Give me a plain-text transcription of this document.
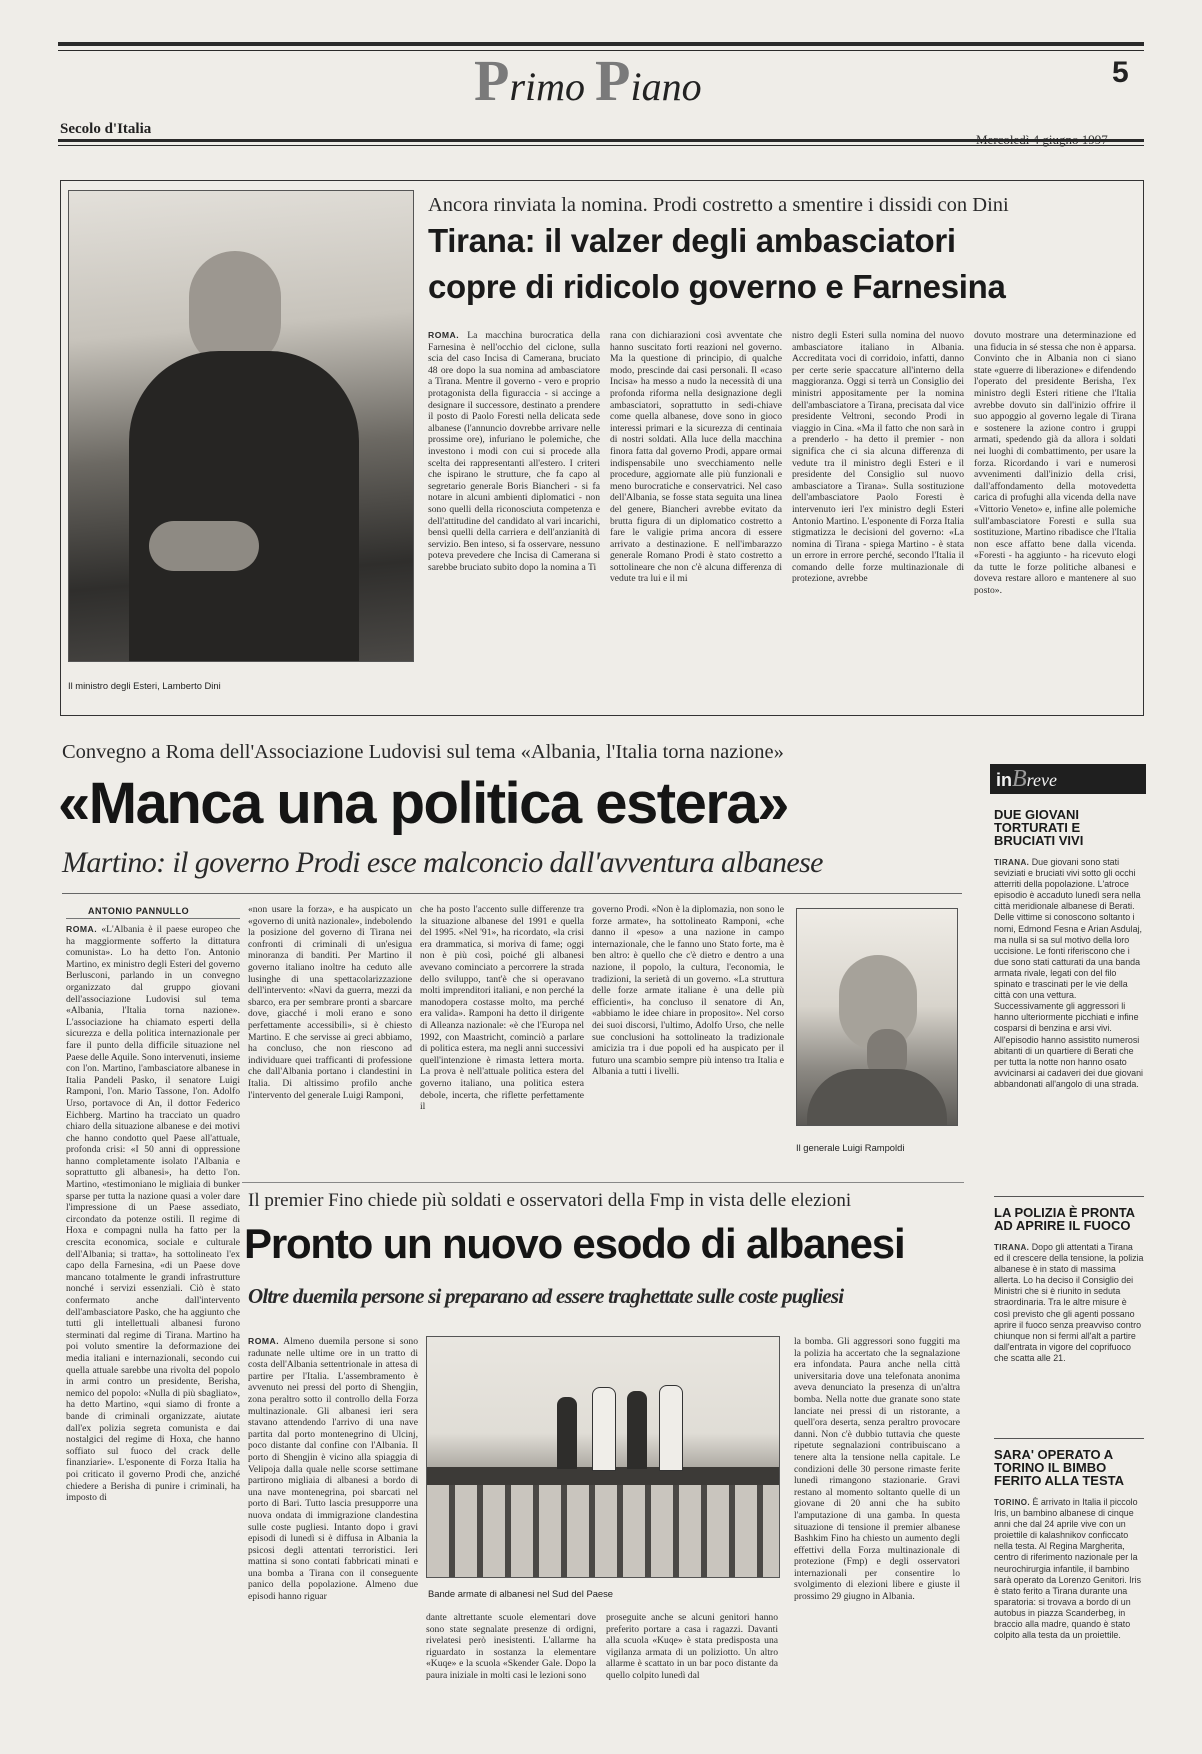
Primo Piano	5
Secolo d'Italia
Il ministro degli Esteri, Lamberto Dini
Ancora rinviata la nomina. Prodi costretto a smentire i dissidi con Dini
Tirana: il valzer degli ambasciatori
copre di ridicolo governo e Farnesina
ROMA. La macchina burocratica della Farnesina è nell'occhio del ciclone, sulla scia del caso Incisa di Camerana, bruciato 48 ore dopo la sua nomina ad ambasciatore a Tirana. Mentre il governo - vero e proprio protagonista della figuraccia - si accinge a designare il successore, destinato a prendere il posto di Paolo Foresti nella delicata sede albanese (l'annuncio dovrebbe arrivare nelle prossime ore), infuriano le polemiche, che investono i modi con cui si procede alla scelta dei rappresentanti all'estero. I criteri che ispirano le strutture, che fa capo al segretario generale Boris Biancheri - si fa notare in alcuni ambienti diplomatici - non sono quelli della riconosciuta competenza e dell'attitudine del candidato al vari incarichi, bensì quelli della carriera e dell'anzianità di servizio. Ben inteso, si fa osservare, nessuno poteva prevedere che Incisa di Camerana si sarebbe bruciato subito dopo la nomina a Ti
rana con dichiarazioni così avventate che hanno suscitato forti reazioni nel governo. Ma la questione di principio, di qualche modo, prescinde dai casi personali. Il «caso Incisa» ha messo a nudo la necessità di una profonda riforma nella designazione degli ambasciatori, soprattutto in sedi-chiave come quella albanese, dove sono in gioco interessi primari e la sicurezza di centinaia di nostri soldati. Alla luce della macchina finora fatta dal governo Prodi, appare ormai indispensabile uno svecchiamento nelle procedure, aggiornate alle più funzionali e meno burocratiche e conservatrici. Nel caso dell'Albania, se fosse stata seguita una linea del genere, Biancheri avrebbe evitato da brutta figura di un diplomatico costretto a fare le valigie prima ancora di essere arrivato a destinazione. E nell'imbarazzo generale Romano Prodi è stato costretto a sottolineare che non c'è alcuna differenza di vedute tra lui e il mi
nistro degli Esteri sulla nomina del nuovo ambasciatore italiano in Albania. Accreditata voci di corridoio, infatti, danno per certe serie spaccature all'interno della maggioranza. Oggi si terrà un Consiglio dei ministri appositamente per la nomina dell'ambasciatore a Tirana, precisata dal vice presidente Veltroni, secondo Prodi in viaggio in Cina. «Ma il fatto che non sarà in a prenderlo - ha detto il premier - non significa che ci sia alcuna differenza di vedute tra il ministro degli Esteri e il presidente del Consiglio sul nuovo ambasciatore a Tirana». Sulla sostituzione dell'ambasciatore Paolo Foresti è intervenuto ieri l'ex ministro degli Esteri Antonio Martino. L'esponente di Forza Italia stigmatizza le decisioni del governo: «La nomina di Tirana - spiega Martino - è stata un errore in errore perché, secondo l'Italia il comando delle forze multinazionale di protezione, avrebbe
dovuto mostrare una determinazione ed una fiducia in sé stessa che non è apparsa. Convinto che in Albania non ci siano state «guerre di liberazione» e difendendo l'operato del presidente Berisha, l'ex ministro degli Esteri ritiene che l'Italia avrebbe dovuto sin dall'inizio offrire il suo appoggio al governo legale di Tirana e sostenere la azione contro i gruppi armati, spedendo già da allora i soldati nei luoghi di combattimento, per usare la forza. Ricordando i vari e numerosi avvenimenti dall'inizio della crisi, dall'affondamento della motovedetta carica di profughi alla vicenda della nave «Vittorio Veneto» e, infine alle polemiche sull'ambasciatore Foresti e sulla sua sostituzione, Martino ribadisce che l'Italia non esce affatto bene dalla vicenda. «Foresti - ha aggiunto - ha ricevuto elogi da tutte le forze politiche albanesi e doveva restare alloro e mantenere al suo posto».
Convegno a Roma dell'Associazione Ludovisi sul tema «Albania, l'Italia torna nazione»
«Manca una politica estera»
Martino: il governo Prodi esce malconcio dall'avventura albanese
ANTONIO PANNULLO
ROMA. «L'Albania è il paese europeo che ha maggiormente sofferto la dittatura comunista». Lo ha detto l'on. Antonio Martino, ex ministro degli Esteri del governo Berlusconi, parlando in un convegno organizzato dal gruppo giovani dell'associazione Ludovisi sul tema «Albania, l'Italia torna nazione». L'associazione ha chiamato esperti della sicurezza e della politica internazionale per fare il punto della difficile situazione nel Paese delle Aquile. Sono intervenuti, insieme con l'on. Martino, l'ambasciatore albanese in Italia Pandeli Pasko, il senatore Luigi Ramponi, l'on. Mario Tassone, l'on. Adolfo Urso, portavoce di An, il dottor Federico Eichberg. Martino ha tracciato un quadro chiaro della situazione albanese e dei motivi che hanno condotto quel Paese all'attuale, profonda crisi: «I 50 anni di oppressione hanno completamente isolato l'Albania e soprattutto gli albanesi», ha detto l'on. Martino, «testimoniano le migliaia di bunker sparse per tutta la nazione quasi a voler dare l'impressione di un Paese assediato, circondato da potenze ostili. Il regime di Hoxa e compagni nulla ha fatto per la crescita economica, sociale e culturale dell'Albania; si tratta», ha sottolineato l'ex capo della Farnesina, «di un Paese dove mancano totalmente le grandi infrastrutture nonché i servizi essenziali. Ciò è stato confermato anche dall'intervento dell'ambasciatore Pasko, che ha aggiunto che tutti gli intellettuali albanesi furono sterminati dal regime di Tirana. Martino ha poi voluto smentire la deformazione dei media italiani e internazionali, secondo cui quella attuale sarebbe una rivolta del popolo in armi contro un presidente, Berisha, nemico del popolo: «Nulla di più sbagliato», ha detto Martino, «qui siamo di fronte a bande di criminali organizzate, aiutate dall'ex polizia segreta comunista e dai nostalgici del regime di Hoxa, che hanno soffiato sul fuoco del crack delle finanziarie». L'esponente di Forza Italia ha poi criticato il governo Prodi che, anziché chiedere a Berisha di punire i criminali, ha imposto di
«non usare la forza», e ha auspicato un «governo di unità nazionale», indebolendo la posizione del governo di Tirana nei confronti di criminali di un'esigua minoranza di banditi. Per Martino il governo italiano inoltre ha ceduto alle lusinghe di una spettacolarizzazione dell'intervento: «Navi da guerra, mezzi da sbarco, era per sembrare pronti a sbarcare dove, giacché i moli erano e sono perfettamente accessibili», si è chiesto Martino. E che servisse ai greci abbiamo, ha concluso, che non riescono ad individuare quei trafficanti di professione che dall'Albania portano i clandestini in Italia. Di altissimo profilo anche l'intervento del generale Luigi Ramponi,
che ha posto l'accento sulle differenze tra la situazione albanese del 1991 e quella del 1995. «Nel '91», ha ricordato, «la crisi era drammatica, si moriva di fame; oggi non è più così, poiché gli albanesi avevano cominciato a percorrere la strada dello sviluppo, tant'è che si operavano molti imprenditori italiani, e non perché la manodopera costasse molto, ma perché era valida». Ramponi ha detto il dirigente di Alleanza nazionale: «è che l'Europa nel 1992, con Maastricht, cominciò a parlare di politica estera, ma negli anni successivi quell'intenzione è rimasta lettera morta. La prova è nell'attuale politica estera del governo italiano, una politica estera debole, incerta, che riflette perfettamente il
governo Prodi. «Non è la diplomazia, non sono le forze armate», ha sottolineato Ramponi, «che danno il «peso» a una nazione in campo internazionale, che le fanno uno Stato forte, ma è ben altro: è quello che c'è dietro e dentro a una nazione, il popolo, la cultura, l'economia, le tradizioni, la serietà di un governo. «La struttura delle forze armate italiane è una delle più efficienti», ha concluso il senatore di An, «abbiamo le idee chiare in proposito». Nel corso dei suoi discorsi, l'ultimo, Adolfo Urso, che nelle sue conclusioni ha sottolineato la tradizionale amicizia tra i due popoli ed ha auspicato per il futuro una scambio sempre più intenso tra Italia e Albania a tutti i livelli.
Il generale Luigi Rampoldi
Il premier Fino chiede più soldati e osservatori della Fmp in vista delle elezioni
Pronto un nuovo esodo di albanesi
Oltre duemila persone si preparano ad essere traghettate sulle coste pugliesi
ROMA. Almeno duemila persone si sono radunate nelle ultime ore in un tratto di costa dell'Albania settentrionale in attesa di partire per l'Italia. L'assembramento è avvenuto nei pressi del porto di Shengjin, zona peraltro sotto il controllo della Forza multinazionale. Gli albanesi ieri sera stavano attendendo l'arrivo di una nave partita dal porto montenegrino di Ulcinj, poco distante dal confine con l'Albania. Il porto di Shengjin è vicino alla spiaggia di Velipoja dalla quale nelle scorse settimane partirono migliaia di albanesi a bordo di una nave montenegrina, poi sbarcati nel porto di Bari. Tutto lascia presupporre una nuova ondata di immigrazione clandestina sulle coste pugliesi. Intanto dopo i gravi episodi di lunedì si è diffusa in Albania la psicosi degli attentati terroristici. Ieri mattina si sono contati fabbricati minati e una bomba a Tirana con il conseguente panico della popolazione. Almeno due episodi hanno riguar	Bande armate di albanesi nel Sud del Paese
la bomba. Gli aggressori sono fuggiti ma la polizia ha accertato che la segnalazione era infondata. Paura anche nella città universitaria dove una telefonata anonima aveva denunciato la presenza di un'altra bomba. Nella notte due granate sono state lanciate nei pressi di un ristorante, a quell'ora deserta, senza peraltro provocare danni. Non c'è dubbio tuttavia che queste ripetute segnalazioni contribuiscano a tenere alta la tensione nella capitale. Le condizioni delle 30 persone rimaste ferite lunedì rimangono stazionarie. Gravi restano al momento soltanto quelle di un giovane di 20 anni che ha subito l'amputazione di una gamba. In questa situazione di tensione il premier albanese Bashkim Fino ha chiesto un aumento degli effettivi della Forza multinazionale di protezione (Fmp) e degli osservatori internazionali per consentire lo svolgimento di elezioni libere e giuste il prossimo 29 giugno in Albania.
dante altrettante scuole elementari dove sono state segnalate presenze di ordigni, rivelatesi però inesistenti. L'allarme ha riguardato in sostanza la elementare «Kuqe» e la scuola «Skender Gale. Dopo la paura iniziale in molti casi le lezioni sono
proseguite anche se alcuni genitori hanno preferito portare a casa i ragazzi. Davanti alla scuola «Kuqe» è stata predisposta una vigilanza armata di un poliziotto. Un altro allarme è scattato in un bar poco distante da quello colpito lunedì dal
inBreve
DUE GIOVANI TORTURATI E BRUCIATI VIVI
TIRANA. Due giovani sono stati seviziati e bruciati vivi sotto gli occhi atterriti della popolazione. L'atroce episodio è accaduto lunedì sera nella città meridionale albanese di Berati. Delle vittime si conoscono soltanto i nomi, Edmond Fesna e Arian Asdulaj, ma nulla si sa sul motivo della loro uccisione. Le fonti riferiscono che i due sono stati catturati da una banda armata rivale, legati con del filo spinato e trascinati per le vie della città con una vettura. Successivamente gli aggressori li hanno ulteriormente picchiati e infine cosparsi di benzina e arsi vivi. All'episodio hanno assistito numerosi abitanti di un quartiere di Berati che per tutta la notte non hanno osato avvicinarsi ai cadaveri dei due giovani abbandonati all'angolo di una strada.
LA POLIZIA È PRONTA AD APRIRE IL FUOCO
TIRANA. Dopo gli attentati a Tirana ed il crescere della tensione, la polizia albanese è in stato di massima allerta. Lo ha deciso il Consiglio dei Ministri che si è riunito in seduta straordinaria. Tra le altre misure è così previsto che gli agenti possano aprire il fuoco senza preavviso contro chiunque non si fermi all'alt a partire dall'entrata in vigore del coprifuoco che scatta alle 21.
SARA' OPERATO A TORINO IL BIMBO FERITO ALLA TESTA
TORINO. È arrivato in Italia il piccolo Iris, un bambino albanese di cinque anni che dal 24 aprile vive con un proiettile di kalashnikov conficcato nella testa. Al Regina Margherita, centro di riferimento nazionale per la neurochirurgia infantile, il bambino sarà operato da Lorenzo Genitori. Iris è stato ferito a Tirana durante una sparatoria: si trovava a bordo di un autobus in piazza Scanderbeg, in braccio alla madre, quando è stato colpito alla testa da un proiettile.
